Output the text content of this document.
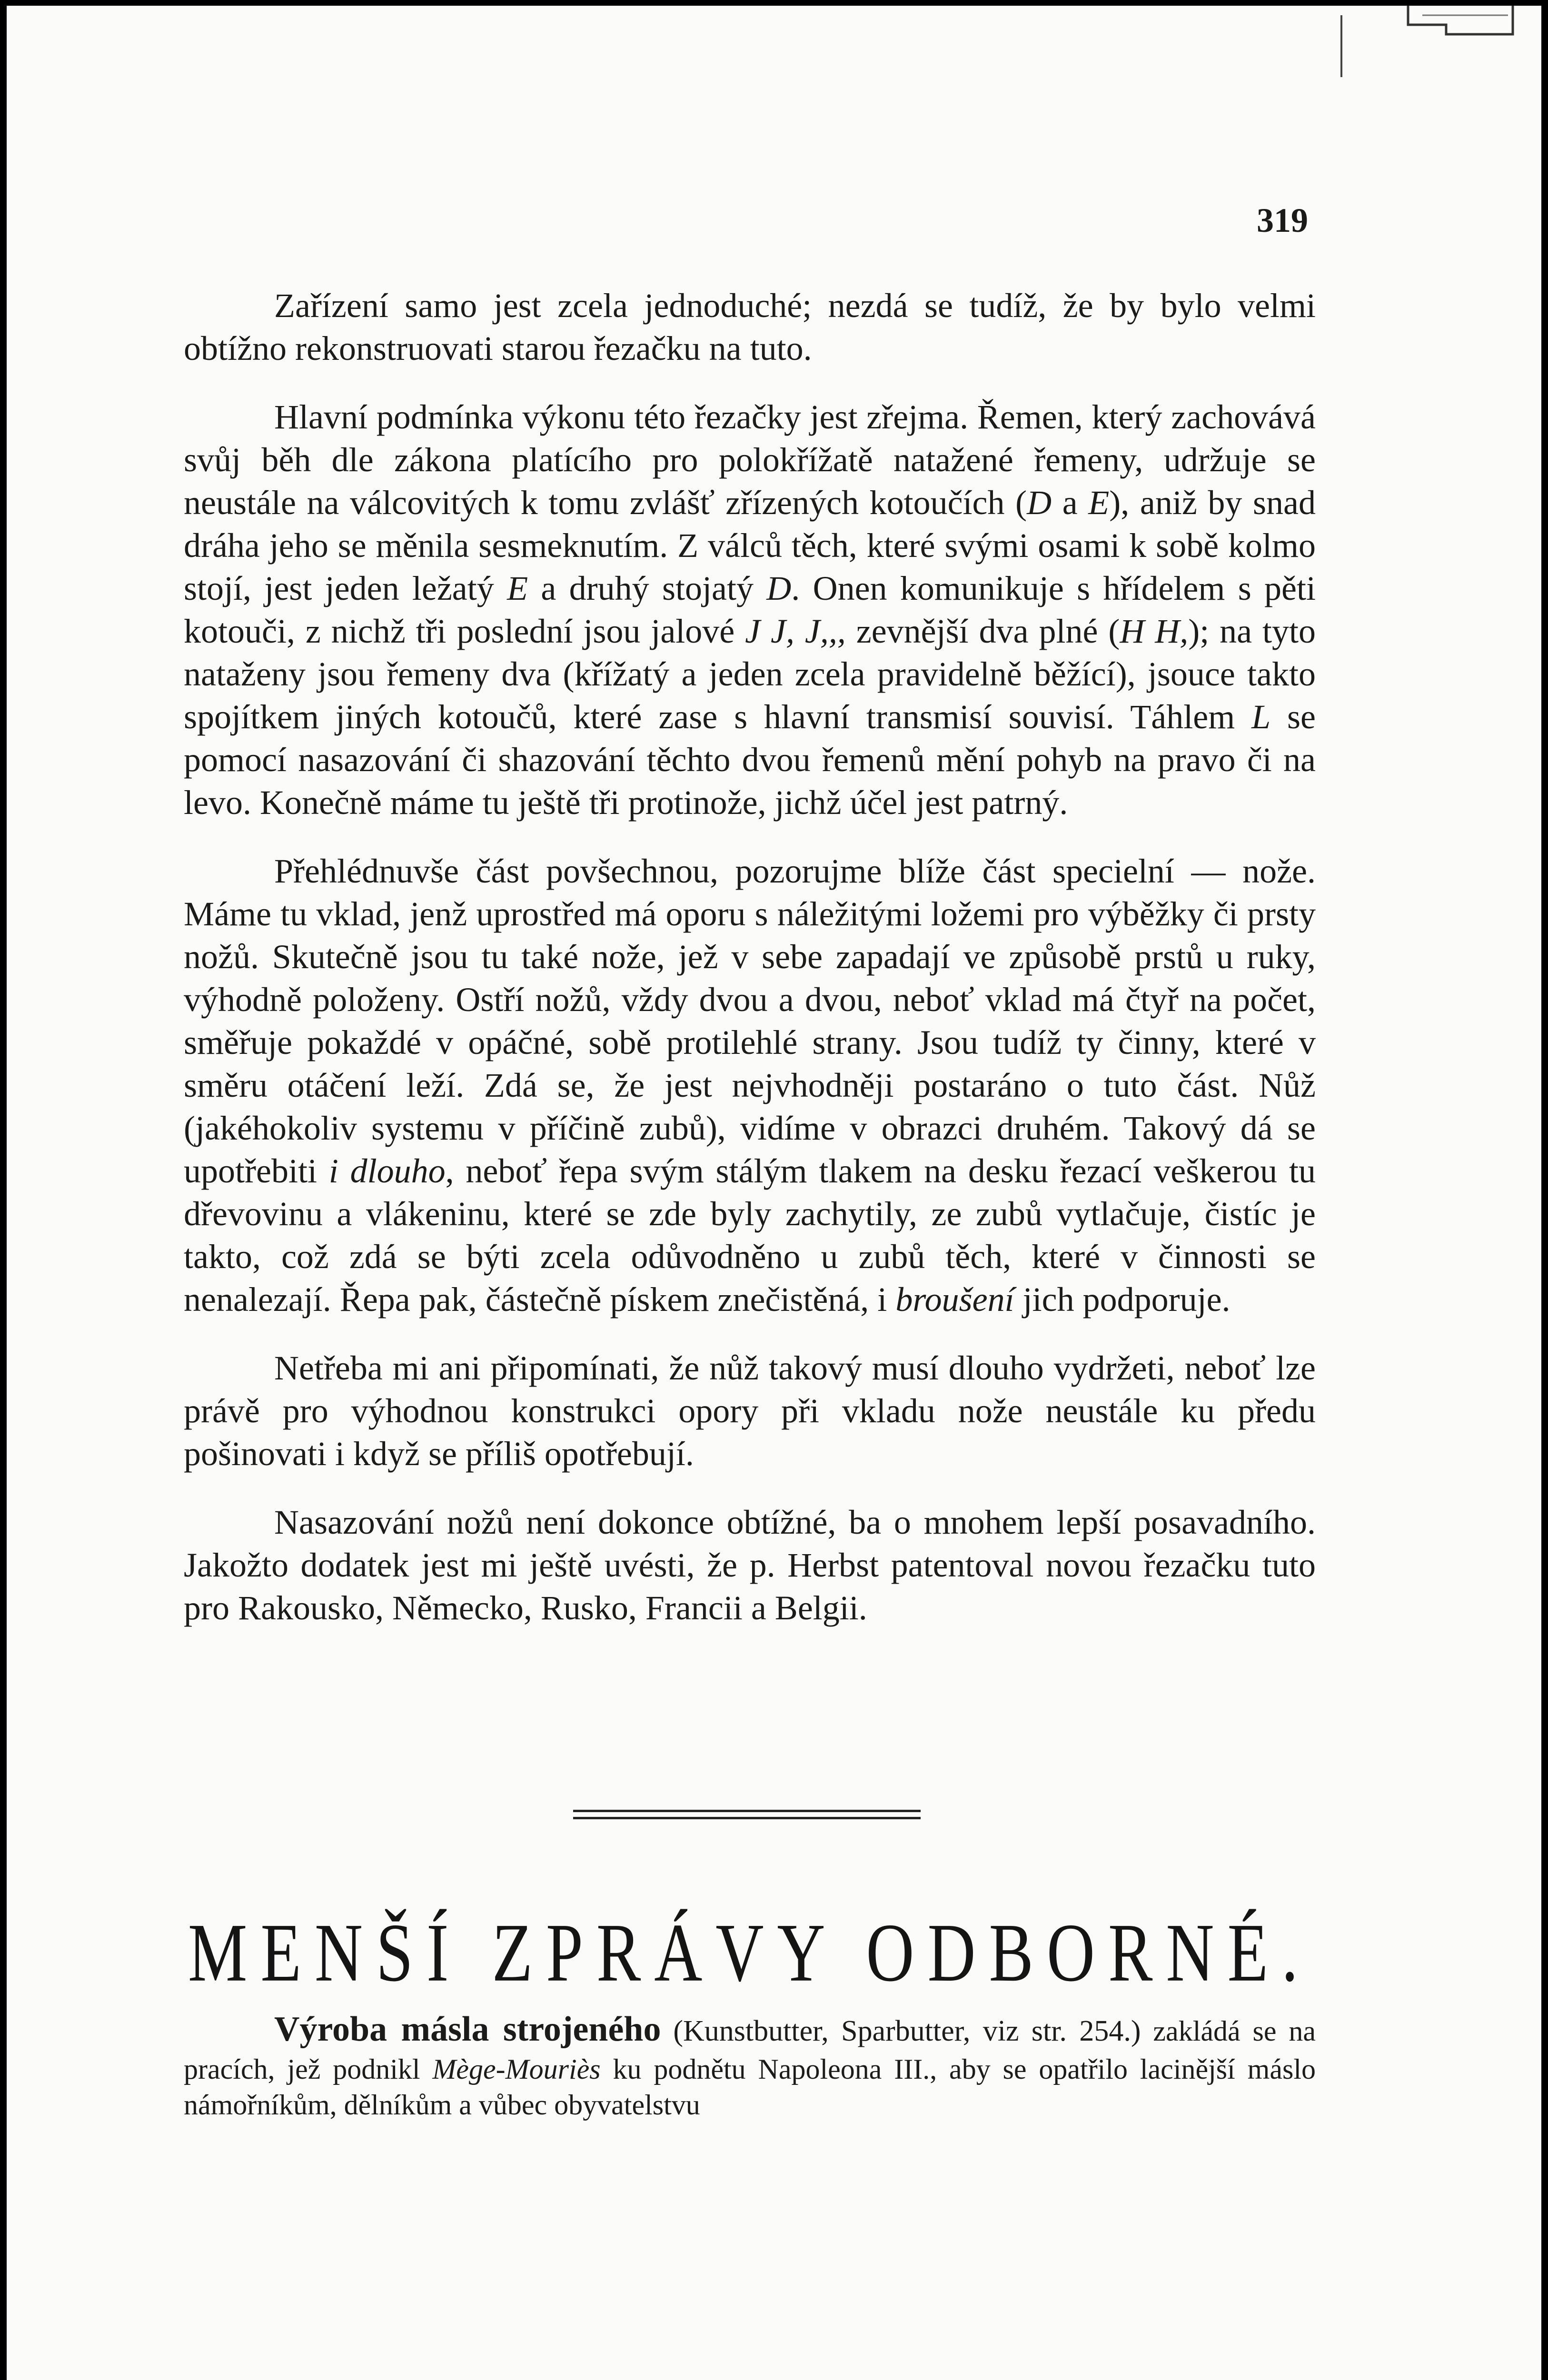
319

Zařízení samo jest zcela jednoduché; nezdá se tudíž, že by bylo velmi obtížno rekonstruovati starou řezačku na tuto.

Hlavní podmínka výkonu této řezačky jest zřejma. Řemen, který zachovává svůj běh dle zákona platícího pro polokřížatě natažené řemeny, udržuje se neustále na válcovitých k tomu zvlášť zřízených kotoučích (D a E), aniž by snad dráha jeho se měnila sesmeknutím. Z válců těch, které svými osami k sobě kolmo stojí, jest jeden ležatý E a druhý stojatý D. Onen komunikuje s hřídelem s pěti kotouči, z nichž tři poslední jsou jalové J J, J,,, zevnější dva plné (H H,); na tyto nataženy jsou řemeny dva (křížatý a jeden zcela pravidelně běžící), jsouce takto spojítkem jiných kotoučů, které zase s hlavní transmisí souvisí. Táhlem L se pomocí nasazování či shazování těchto dvou řemenů mění pohyb na pravo či na levo. Konečně máme tu ještě tři protinože, jichž účel jest patrný.

Přehlédnuvše část povšechnou, pozorujme blíže část specielní — nože. Máme tu vklad, jenž uprostřed má oporu s náležitými ložemi pro výběžky či prsty nožů. Skutečně jsou tu také nože, jež v sebe zapadají ve způsobě prstů u ruky, výhodně položeny. Ostří nožů, vždy dvou a dvou, neboť vklad má čtyř na počet, směřuje pokaždé v opáčné, sobě protilehlé strany. Jsou tudíž ty činny, které v směru otáčení leží. Zdá se, že jest nejvhodněji postaráno o tuto část. Nůž (jakéhokoliv systemu v příčině zubů), vidíme v obrazci druhém. Takový dá se upotřebiti i dlouho, neboť řepa svým stálým tlakem na desku řezací veškerou tu dřevovinu a vlákeninu, které se zde byly zachytily, ze zubů vytlačuje, čistíc je takto, což zdá se býti zcela odůvodněno u zubů těch, které v činnosti se nenalezají. Řepa pak, částečně pískem znečistěná, i broušení jich podporuje.

Netřeba mi ani připomínati, že nůž takový musí dlouho vydržeti, neboť lze právě pro výhodnou konstrukci opory při vkladu nože neustále ku předu pošinovati i když se příliš opotřebují.

Nasazování nožů není dokonce obtížné, ba o mnohem lepší posavadního. Jakožto dodatek jest mi ještě uvésti, že p. Herbst patentoval novou řezačku tuto pro Rakousko, Německo, Rusko, Francii a Belgii.

MENŠÍ ZPRÁVY ODBORNÉ.

Výroba másla strojeného (Kunstbutter, Sparbutter, viz str. 254.) zakládá se na pracích, jež podnikl Mège-Mouriès ku podnětu Napoleona III., aby se opatřilo lacinější máslo námořníkům, dělníkům a vůbec obyvatelstvu
